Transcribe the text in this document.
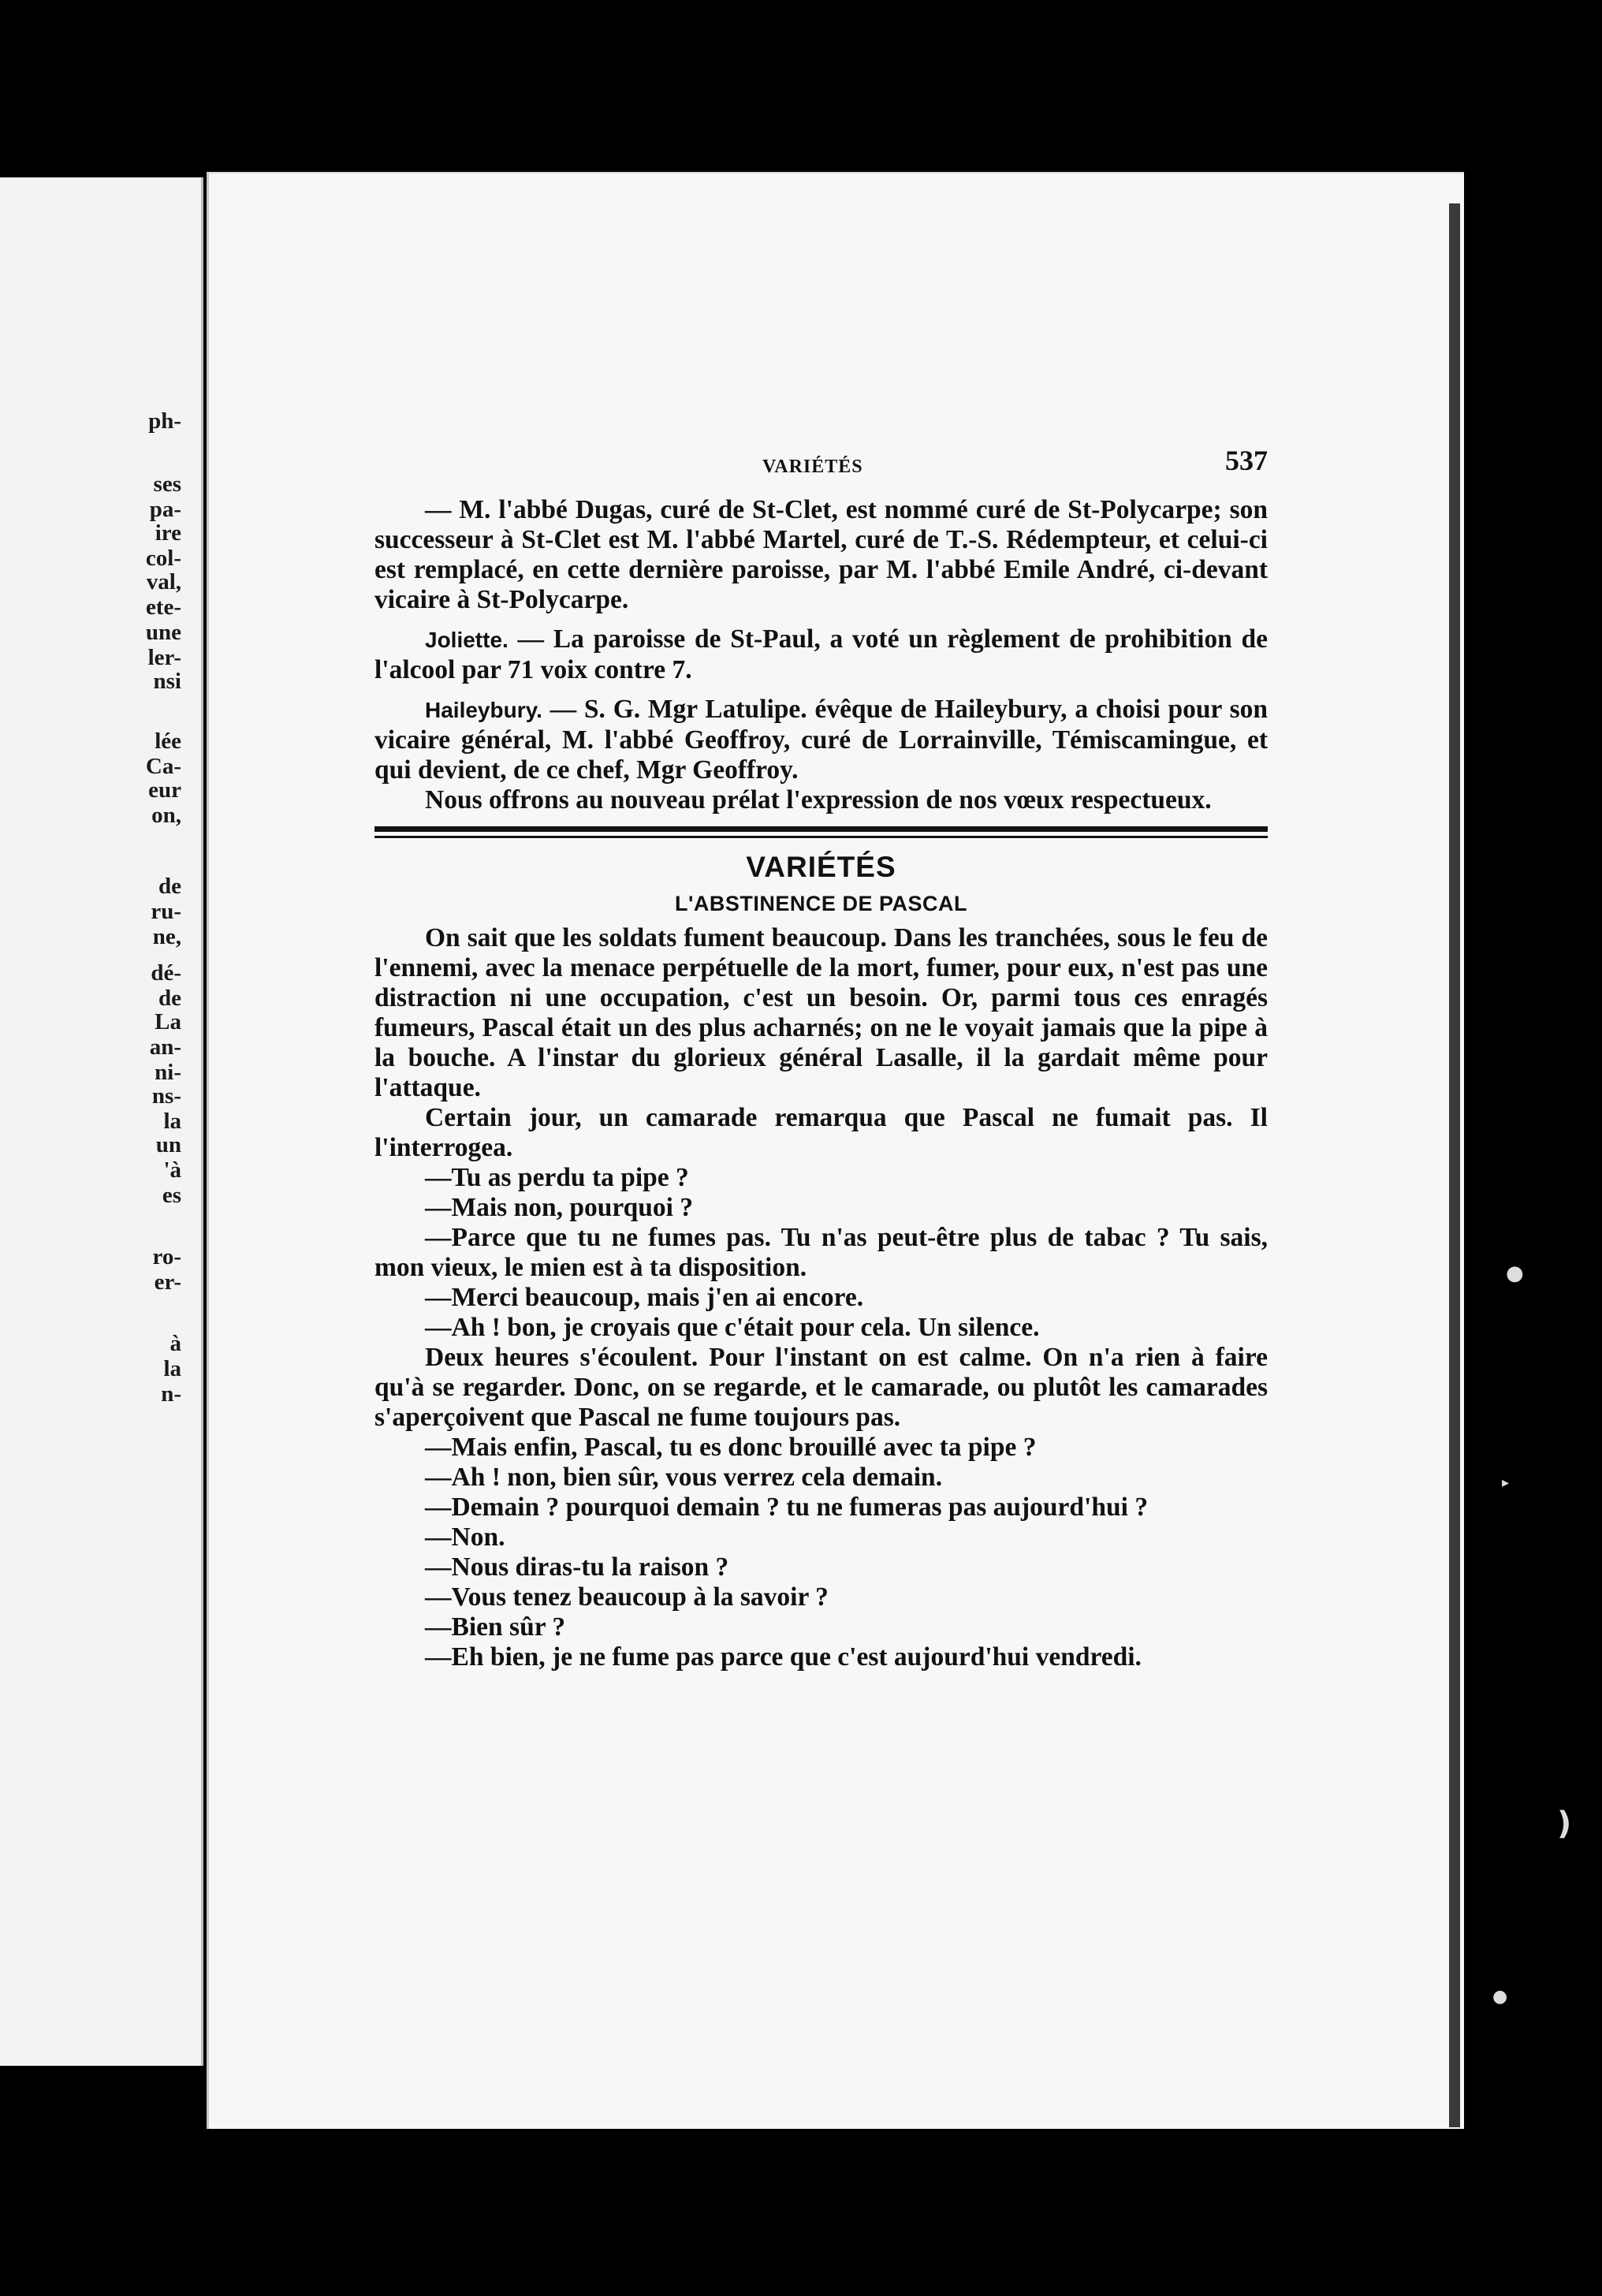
ph-
ses
pa-
ire
col-
val,
ete-
une
ler-
nsi
lée
Ca-
eur
on,
de
ru-
ne,
dé-
de
La
an-
ni-
ns-
la
un
'à
es
ro-
er-
à
la
n-
VARIÉTÉS	537

— M. l'abbé Dugas, curé de St-Clet, est nommé curé de St-Polycarpe; son successeur à St-Clet est M. l'abbé Martel, curé de T.-S. Rédempteur, et celui-ci est remplacé, en cette dernière paroisse, par M. l'abbé Emile André, ci-devant vicaire à St-Polycarpe.

Joliette. — La paroisse de St-Paul, a voté un règlement de prohibition de l'alcool par 71 voix contre 7.

Haileybury. — S. G. Mgr Latulipe. évêque de Haileybury, a choisi pour son vicaire général, M. l'abbé Geoffroy, curé de Lorrainville, Témiscamingue, et qui devient, de ce chef, Mgr Geoffroy.

Nous offrons au nouveau prélat l'expression de nos vœux respectueux.

VARIÉTÉS
L'ABSTINENCE DE PASCAL

On sait que les soldats fument beaucoup. Dans les tranchées, sous le feu de l'ennemi, avec la menace perpétuelle de la mort, fumer, pour eux, n'est pas une distraction ni une occupation, c'est un besoin. Or, parmi tous ces enragés fumeurs, Pascal était un des plus acharnés; on ne le voyait jamais que la pipe à la bouche. A l'instar du glorieux général Lasalle, il la gardait même pour l'attaque.

Certain jour, un camarade remarqua que Pascal ne fumait pas. Il l'interrogea.

—Tu as perdu ta pipe ?

—Mais non, pourquoi ?

—Parce que tu ne fumes pas. Tu n'as peut-être plus de tabac ? Tu sais, mon vieux, le mien est à ta disposition.

—Merci beaucoup, mais j'en ai encore.

—Ah ! bon, je croyais que c'était pour cela. Un silence.

Deux heures s'écoulent. Pour l'instant on est calme. On n'a rien à faire qu'à se regarder. Donc, on se regarde, et le camarade, ou plutôt les camarades s'aperçoivent que Pascal ne fume toujours pas.

—Mais enfin, Pascal, tu es donc brouillé avec ta pipe ?

—Ah ! non, bien sûr, vous verrez cela demain.

—Demain ? pourquoi demain ? tu ne fumeras pas aujourd'hui ?

—Non.

—Nous diras-tu la raison ?

—Vous tenez beaucoup à la savoir ?

—Bien sûr ?

—Eh bien, je ne fume pas parce que c'est aujourd'hui vendredi.

●
)
●
▸
